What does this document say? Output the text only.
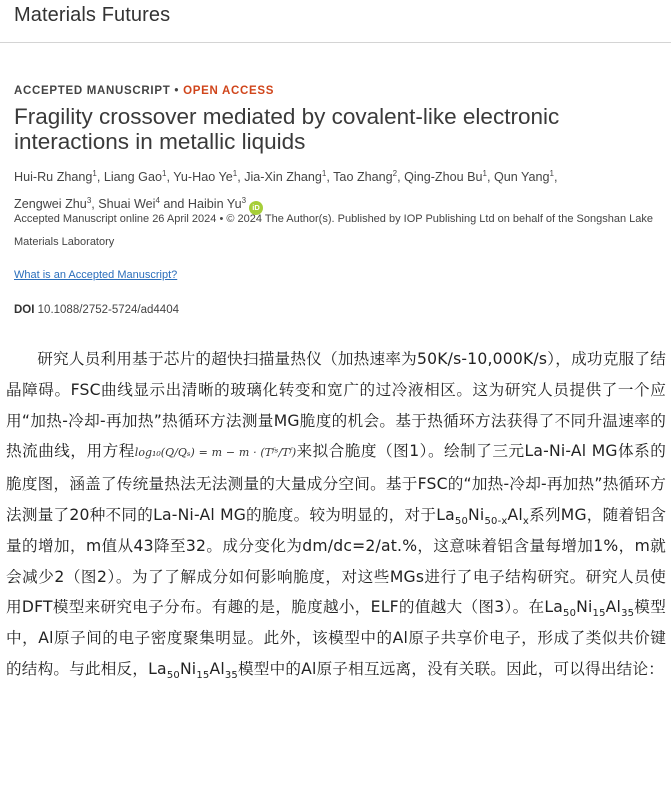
Materials Futures
ACCEPTED MANUSCRIPT • OPEN ACCESS
Fragility crossover mediated by covalent-like electronic interactions in metallic liquids
Hui-Ru Zhang$^1$, Liang Gao$^1$, Yu-Hao Ye$^1$, Jia-Xin Zhang$^1$, Tao Zhang$^2$, Qing-Zhou Bu$^1$, Qun Yang$^1$,
Zengwei Zhu$^3$, Shuai Wei$^4$ and Haibin Yu$^3$iD
Accepted Manuscript online 26 April 2024 • © 2024 The Author(s). Published by IOP Publishing Ltd on behalf of the Songshan Lake Materials Laboratory
What is an Accepted Manuscript?
DOI 10.1088/2752-5724/ad4404

研究人员利用基于芯片的超快扫描量热仪（加热速率为50K/s-10,000K/s），成功克服了结晶障碍。FSC曲线显示出清晰的玻璃化转变和宽广的过冷液相区。这为研究人员提供了一个应用“加热-冷却-再加热”热循环方法测量MG脆度的机会。基于热循环方法获得了不同升温速率的热流曲线，用方程log₁₀(Q/Qₛ) = m − m · (Tᶠˢ/Tᶠ)来拟合脆度（图1）。绘制了三元La-Ni-Al MG体系的脆度图，涵盖了传统量热法无法测量的大量成分空间。基于FSC的“加热-冷却-再加热”热循环方法测量了20种不同的La-Ni-Al MG的脆度。较为明显的，对于$La_{50}Ni_{50-x}Al_x$系列MG，随着铝含量的增加，m值从43降至32。成分变化为dm/dc=2/at.%，这意味着铝含量每增加1%，m就会减少2（图2）。为了了解成分如何影响脆度，对这些MGs进行了电子结构研究。研究人员使用DFT模型来研究电子分布。有趣的是，脆度越小，ELF的值越大（图3）。在$La_{50}Ni_{15}Al_{35}$模型中，Al原子间的电子密度聚集明显。此外，该模型中的Al原子共享价电子，形成了类似共价键的结构。与此相反，$La_{50}Ni_{15}Al_{35}$模型中的Al原子相互远离，没有关联。因此，可以得出结论：
